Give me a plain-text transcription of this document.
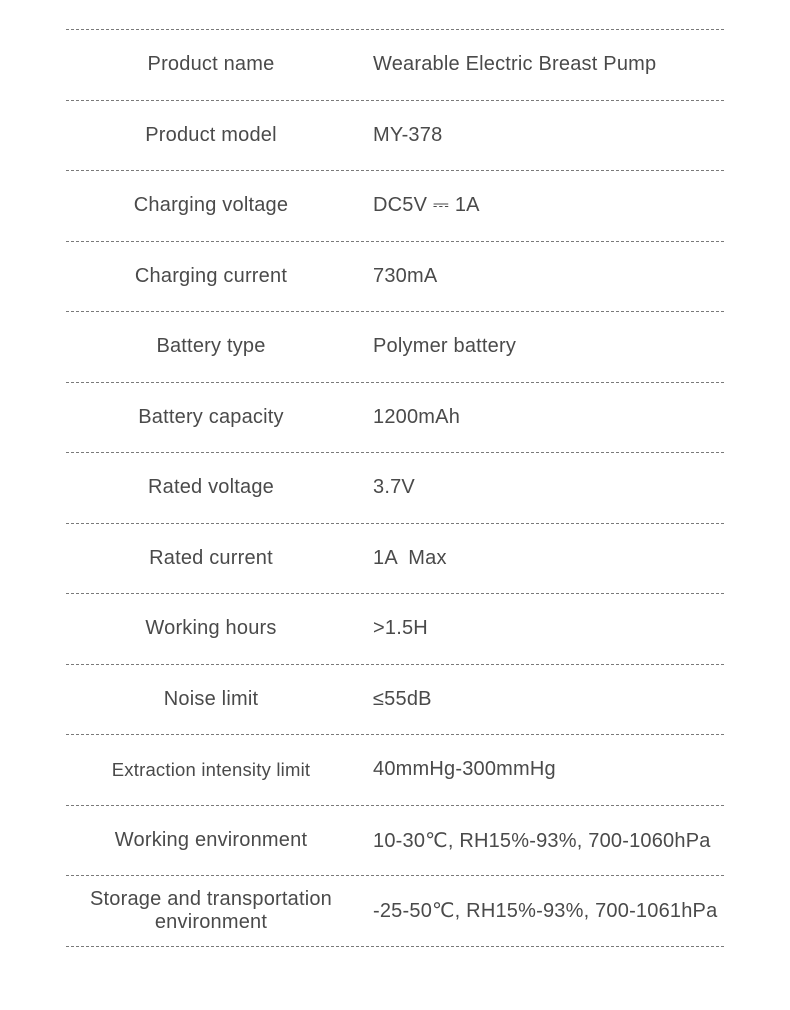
Product name	Wearable Electric Breast Pump
Product model	MY-378
Charging voltage	DC5V ⎓ 1A
Charging current	730mA
Battery type	Polymer battery
Battery capacity	1200mAh
Rated voltage	3.7V
Rated current	1A  Max
Working hours	>1.5H
Noise limit	≤55dB
Extraction intensity limit	40mmHg-300mmHg
Working environment	10-30℃, RH15%-93%, 700-1060hPa
Storage and transportation environment	-25-50℃, RH15%-93%, 700-1061hPa
